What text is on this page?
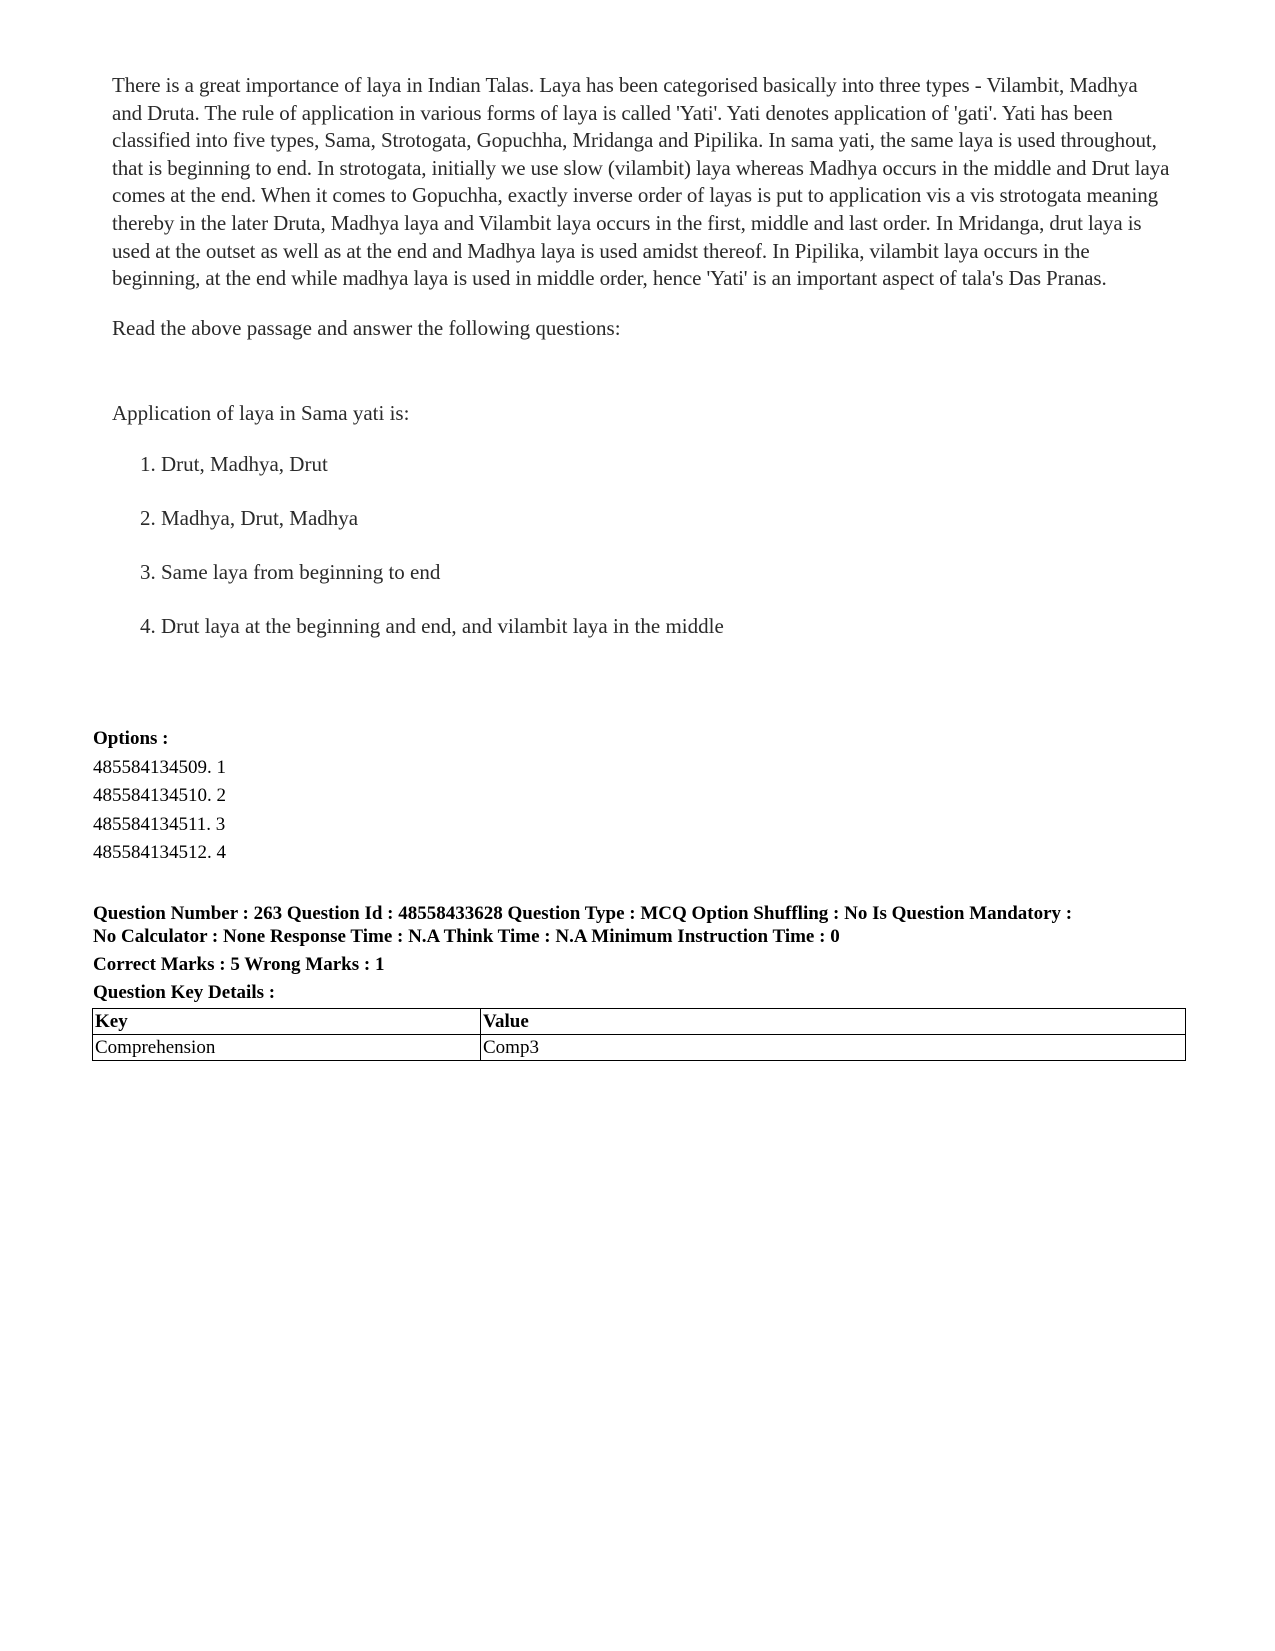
There is a great importance of laya in Indian Talas. Laya has been categorised basically into three types - Vilambit, Madhya and Druta. The rule of application in various forms of laya is called 'Yati'. Yati denotes application of 'gati'. Yati has been classified into five types, Sama, Strotogata, Gopuchha, Mridanga and Pipilika. In sama yati, the same laya is used throughout, that is beginning to end. In strotogata, initially we use slow (vilambit) laya whereas Madhya occurs in the middle and Drut laya comes at the end. When it comes to Gopuchha, exactly inverse order of layas is put to application vis a vis strotogata meaning thereby in the later Druta, Madhya laya and Vilambit laya occurs in the first, middle and last order. In Mridanga, drut laya is used at the outset as well as at the end and Madhya laya is used amidst thereof. In Pipilika, vilambit laya occurs in the beginning, at the end while madhya laya is used in middle order, hence 'Yati' is an important aspect of tala's Das Pranas.

Read the above passage and answer the following questions:

Application of laya in Sama yati is:

1. Drut, Madhya, Drut
2. Madhya, Drut, Madhya
3. Same laya from beginning to end
4. Drut laya at the beginning and end, and vilambit laya in the middle
Options :
485584134509. 1
485584134510. 2
485584134511. 3
485584134512. 4

Question Number : 263 Question Id : 48558433628 Question Type : MCQ Option Shuffling : No Is Question Mandatory :

No Calculator : None Response Time : N.A Think Time : N.A Minimum Instruction Time : 0

Correct Marks : 5 Wrong Marks : 1

Question Key Details :

Key	Value
Comprehension	Comp3
